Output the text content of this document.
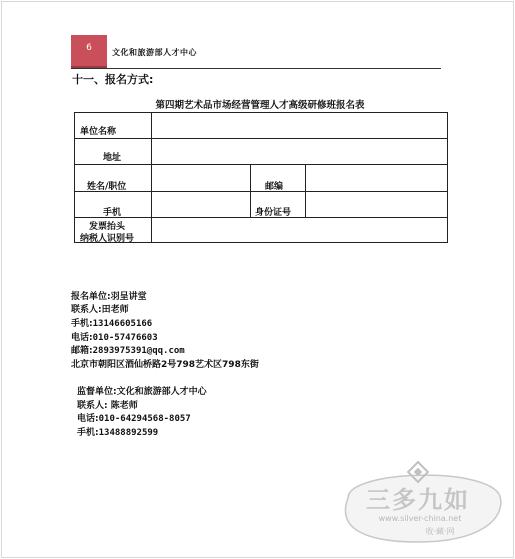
6	文化和旅游部人才中心
十一、报名方式:
第四期艺术品市场经营管理人才高级研修班报名表
单位名称
地址
姓名/职位	邮编
手机	身份证号
发票抬头
纳税人识别号
报名单位:羽呈讲堂
联系人:田老师
手机:13146605166
电话:010-57476603
邮箱:2893975391@qq.com
北京市朝阳区酒仙桥路2号798艺术区798东街
监督单位:文化和旅游部人才中心
联系人: 陈老师
电话:010-64294568-8057
手机:13488892599
三多九如
www.silver-china.net
收·藏·网
